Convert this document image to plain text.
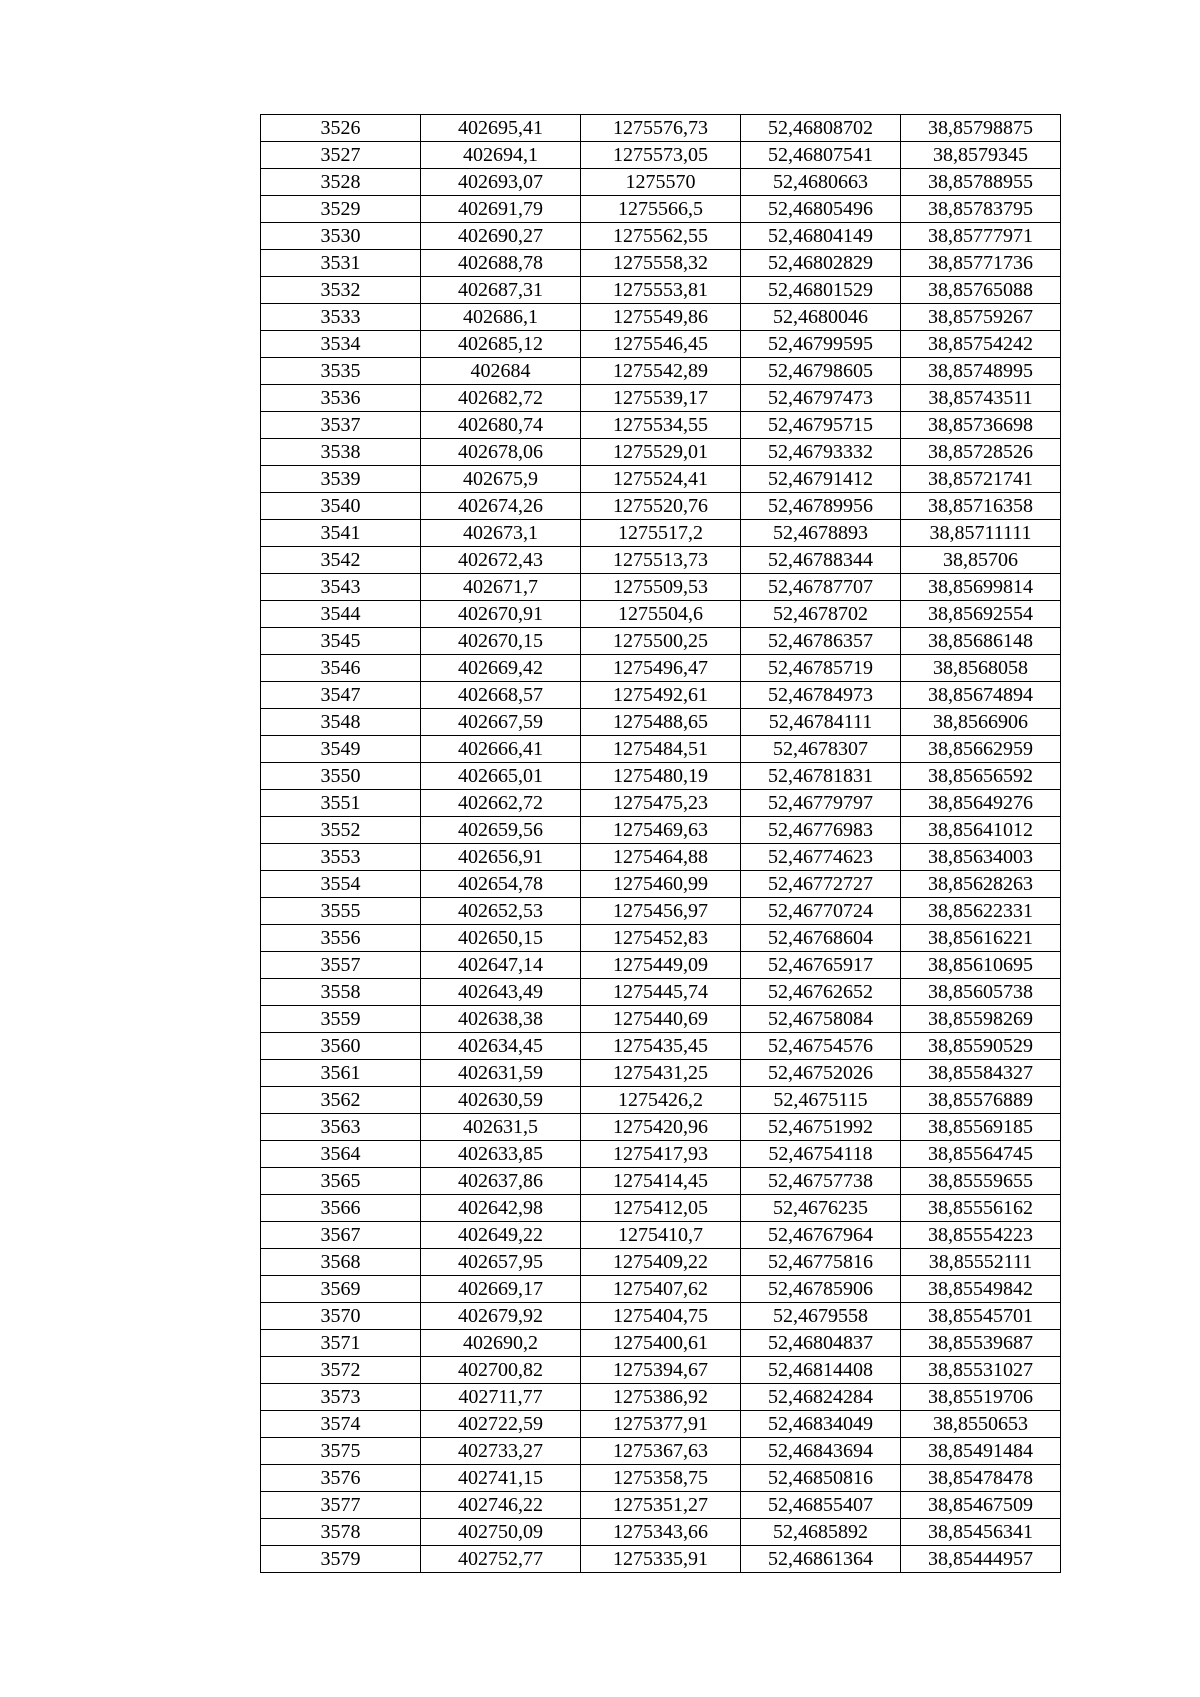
3526	402695,41	1275576,73	52,46808702	38,85798875
3527	402694,1	1275573,05	52,46807541	38,8579345
3528	402693,07	1275570	52,4680663	38,85788955
3529	402691,79	1275566,5	52,46805496	38,85783795
3530	402690,27	1275562,55	52,46804149	38,85777971
3531	402688,78	1275558,32	52,46802829	38,85771736
3532	402687,31	1275553,81	52,46801529	38,85765088
3533	402686,1	1275549,86	52,4680046	38,85759267
3534	402685,12	1275546,45	52,46799595	38,85754242
3535	402684	1275542,89	52,46798605	38,85748995
3536	402682,72	1275539,17	52,46797473	38,85743511
3537	402680,74	1275534,55	52,46795715	38,85736698
3538	402678,06	1275529,01	52,46793332	38,85728526
3539	402675,9	1275524,41	52,46791412	38,85721741
3540	402674,26	1275520,76	52,46789956	38,85716358
3541	402673,1	1275517,2	52,4678893	38,85711111
3542	402672,43	1275513,73	52,46788344	38,85706
3543	402671,7	1275509,53	52,46787707	38,85699814
3544	402670,91	1275504,6	52,4678702	38,85692554
3545	402670,15	1275500,25	52,46786357	38,85686148
3546	402669,42	1275496,47	52,46785719	38,8568058
3547	402668,57	1275492,61	52,46784973	38,85674894
3548	402667,59	1275488,65	52,46784111	38,8566906
3549	402666,41	1275484,51	52,4678307	38,85662959
3550	402665,01	1275480,19	52,46781831	38,85656592
3551	402662,72	1275475,23	52,46779797	38,85649276
3552	402659,56	1275469,63	52,46776983	38,85641012
3553	402656,91	1275464,88	52,46774623	38,85634003
3554	402654,78	1275460,99	52,46772727	38,85628263
3555	402652,53	1275456,97	52,46770724	38,85622331
3556	402650,15	1275452,83	52,46768604	38,85616221
3557	402647,14	1275449,09	52,46765917	38,85610695
3558	402643,49	1275445,74	52,46762652	38,85605738
3559	402638,38	1275440,69	52,46758084	38,85598269
3560	402634,45	1275435,45	52,46754576	38,85590529
3561	402631,59	1275431,25	52,46752026	38,85584327
3562	402630,59	1275426,2	52,4675115	38,85576889
3563	402631,5	1275420,96	52,46751992	38,85569185
3564	402633,85	1275417,93	52,46754118	38,85564745
3565	402637,86	1275414,45	52,46757738	38,85559655
3566	402642,98	1275412,05	52,4676235	38,85556162
3567	402649,22	1275410,7	52,46767964	38,85554223
3568	402657,95	1275409,22	52,46775816	38,85552111
3569	402669,17	1275407,62	52,46785906	38,85549842
3570	402679,92	1275404,75	52,4679558	38,85545701
3571	402690,2	1275400,61	52,46804837	38,85539687
3572	402700,82	1275394,67	52,46814408	38,85531027
3573	402711,77	1275386,92	52,46824284	38,85519706
3574	402722,59	1275377,91	52,46834049	38,8550653
3575	402733,27	1275367,63	52,46843694	38,85491484
3576	402741,15	1275358,75	52,46850816	38,85478478
3577	402746,22	1275351,27	52,46855407	38,85467509
3578	402750,09	1275343,66	52,4685892	38,85456341
3579	402752,77	1275335,91	52,46861364	38,85444957
